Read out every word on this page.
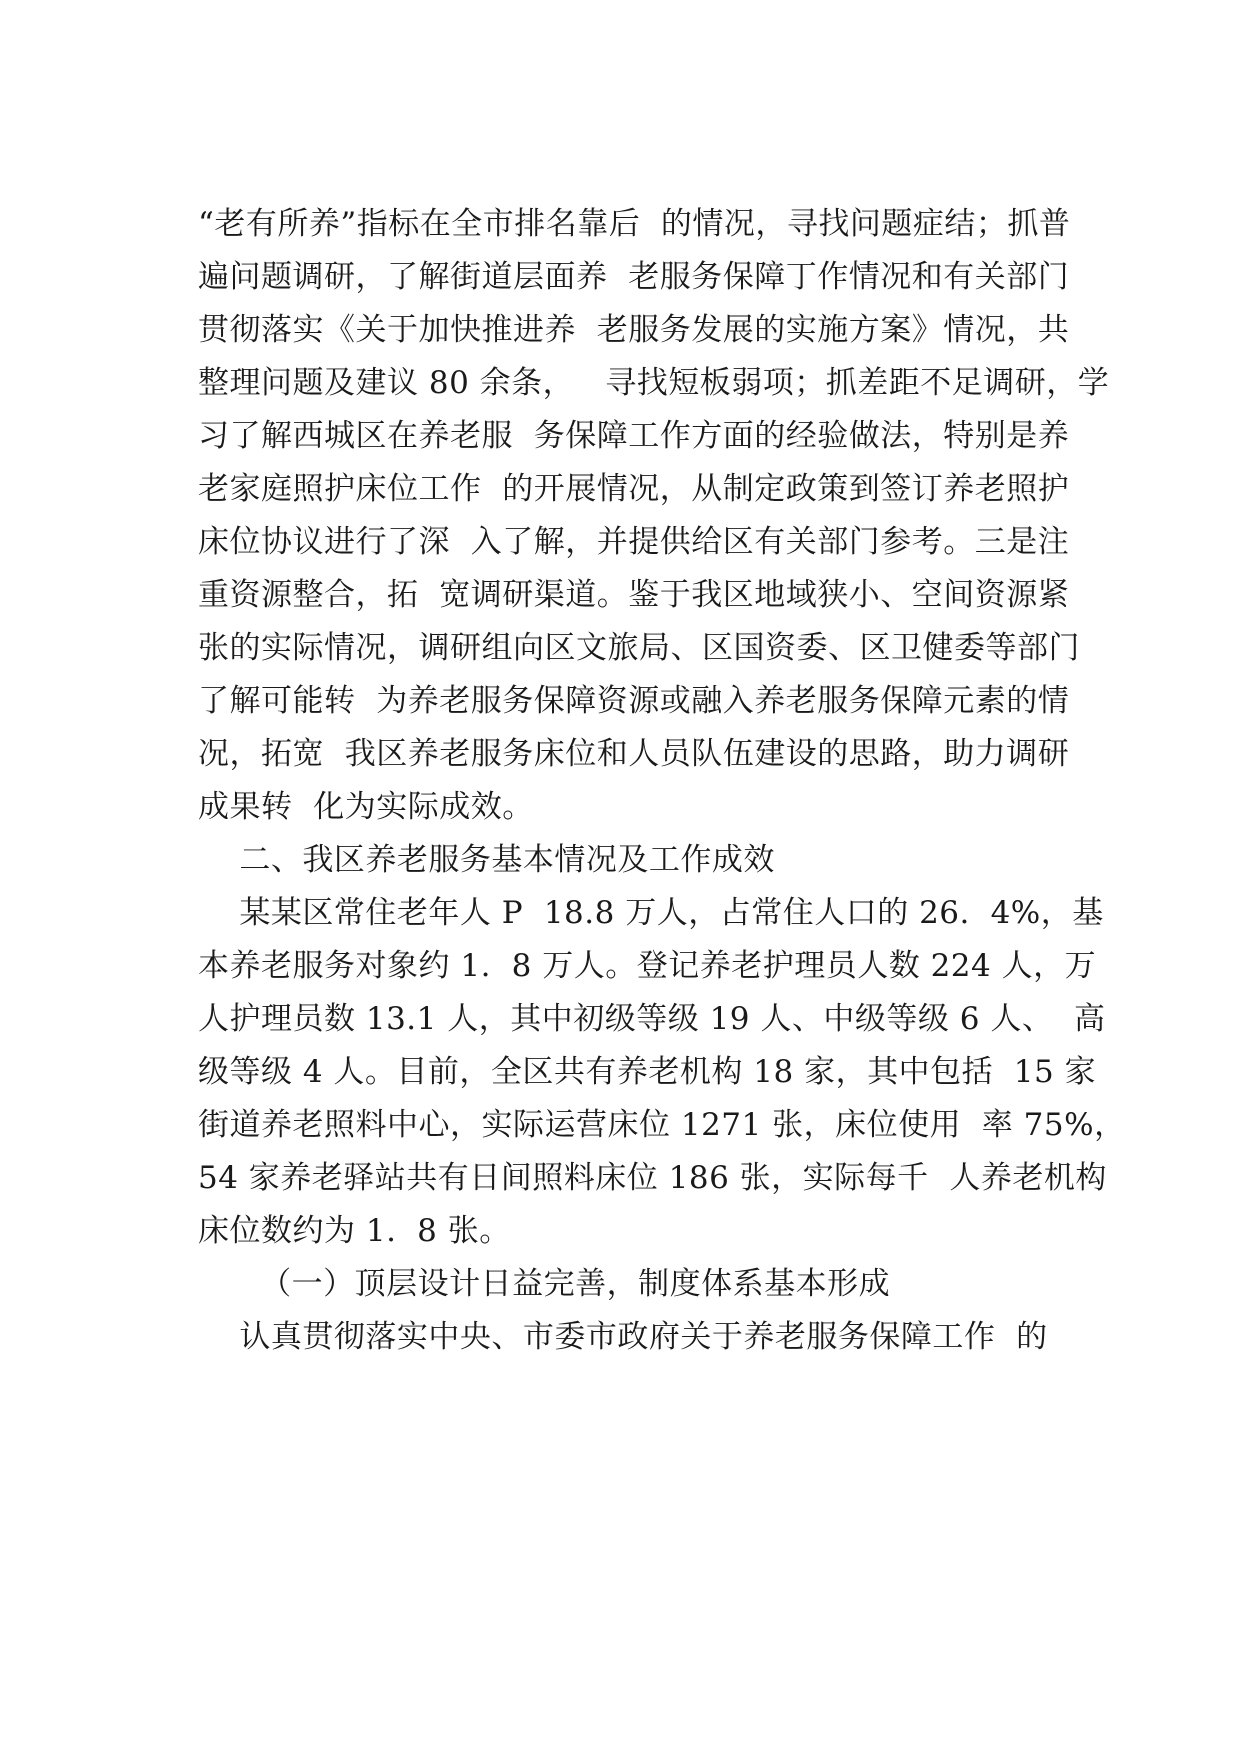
“老有所养”指标在全市排名靠后  的情况，寻找问题症结；抓普
遍问题调研，了解街道层面养  老服务保障丁作情况和有关部门
贯彻落实《关于加快推进养  老服务发展的实施方案》情况，共
整理问题及建议 80 余条，   寻找短板弱项；抓差距不足调研，学
习了解西城区在养老服  务保障工作方面的经验做法，特别是养
老家庭照护床位工作  的开展情况，从制定政策到签订养老照护
床位协议进行了深  入了解，并提供给区有关部门参考。三是注
重资源整合，拓  宽调研渠道。鉴于我区地域狭小、空间资源紧
张的实际情况，调研组向区文旅局、区国资委、区卫健委等部门
了解可能转  为养老服务保障资源或融入养老服务保障元素的情
况，拓宽  我区养老服务床位和人员队伍建设的思路，助力调研
成果转  化为实际成效。
二、我区养老服务基本情况及工作成效
某某区常住老年人 P  18.8 万人，占常住人口的 26.  4%，基
本养老服务对象约 1.  8 万人。登记养老护理员人数 224 人，万
人护理员数 13.1 人，其中初级等级 19 人、中级等级 6 人、  高
级等级 4 人。目前，全区共有养老机构 18 家，其中包括  15 家
街道养老照料中心，实际运营床位 1271 张，床位使用  率 75%，
54 家养老驿站共有日间照料床位 186 张，实际每千  人养老机构
床位数约为 1.  8 张。
（一）顶层设计日益完善，制度体系基本形成
认真贯彻落实中央、市委市政府关于养老服务保障工作  的
